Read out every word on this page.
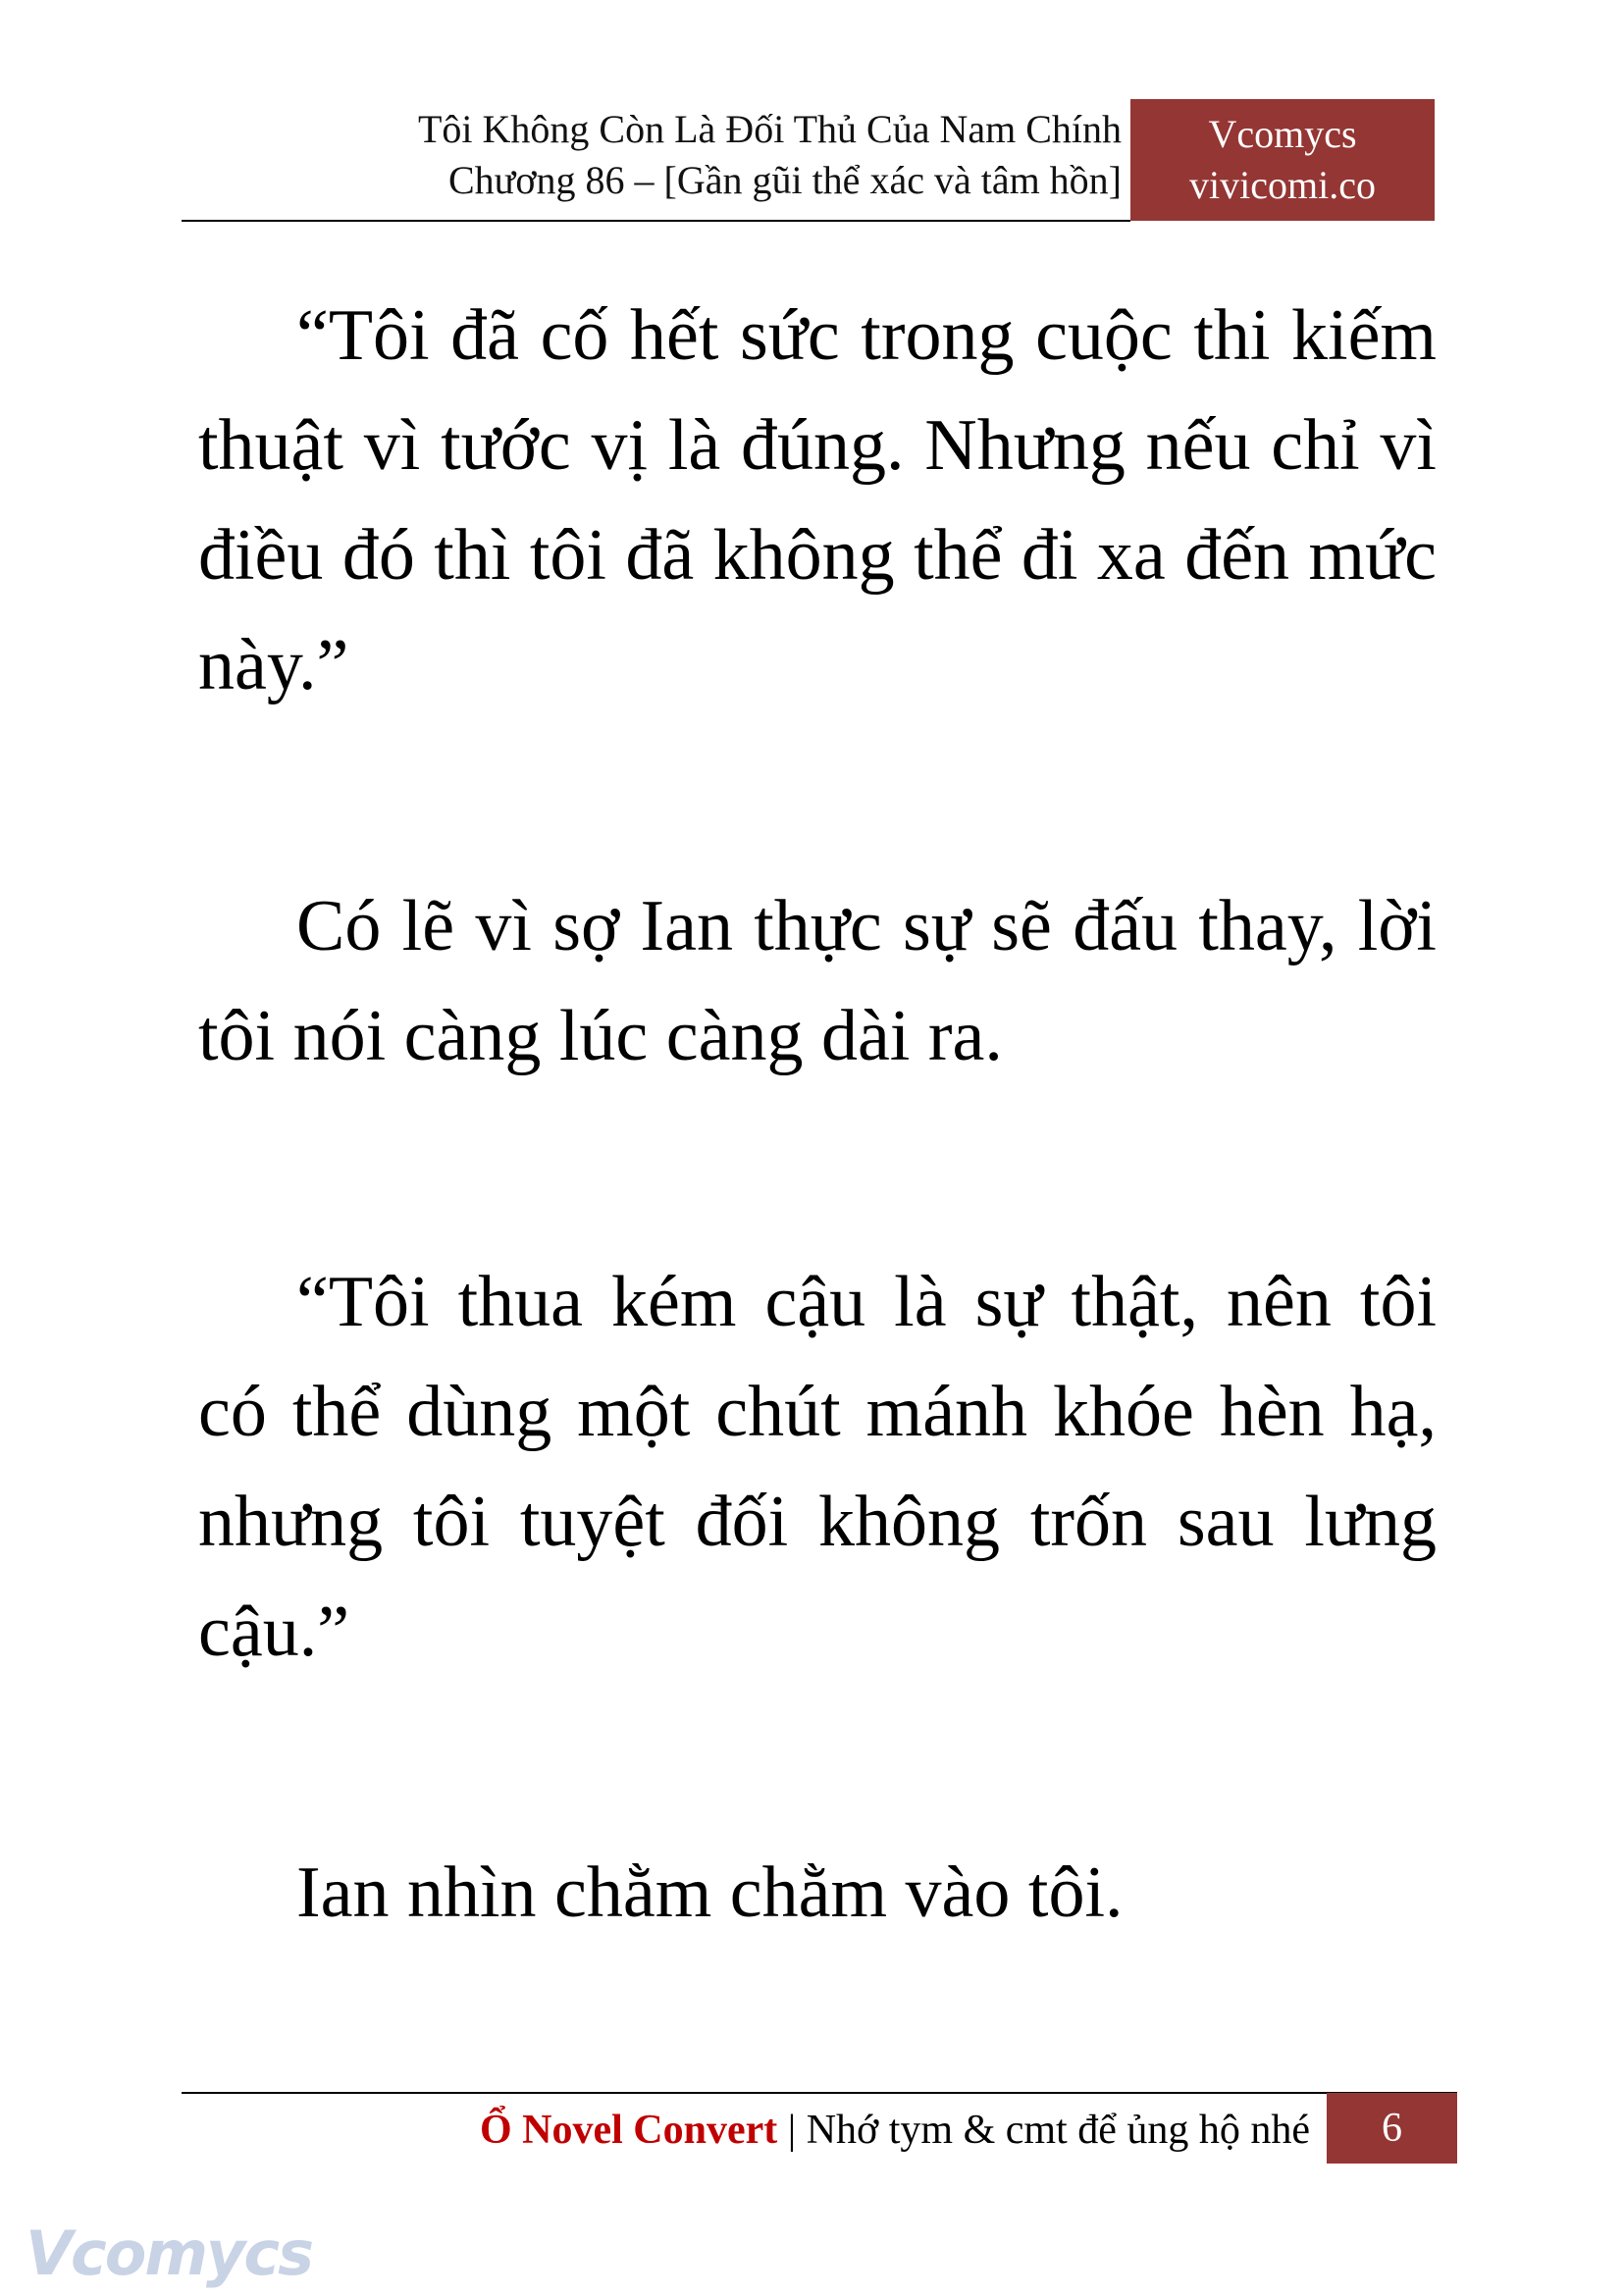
Tôi Không Còn Là Đối Thủ Của Nam Chính
Chương 86 – [Gần gũi thể xác và tâm hồn]
Vcomycs
vivicomi.co

“Tôi đã cố hết sức trong cuộc thi kiếm thuật vì tước vị là đúng. Nhưng nếu chỉ vì điều đó thì tôi đã không thể đi xa đến mức này.”

Có lẽ vì sợ Ian thực sự sẽ đấu thay, lời tôi nói càng lúc càng dài ra.

“Tôi thua kém cậu là sự thật, nên tôi có thể dùng một chút mánh khóe hèn hạ, nhưng tôi tuyệt đối không trốn sau lưng cậu.”

Ian nhìn chằm chằm vào tôi.

Ổ Novel Convert | Nhớ tym & cmt để ủng hộ nhé	6
Vcomycs
